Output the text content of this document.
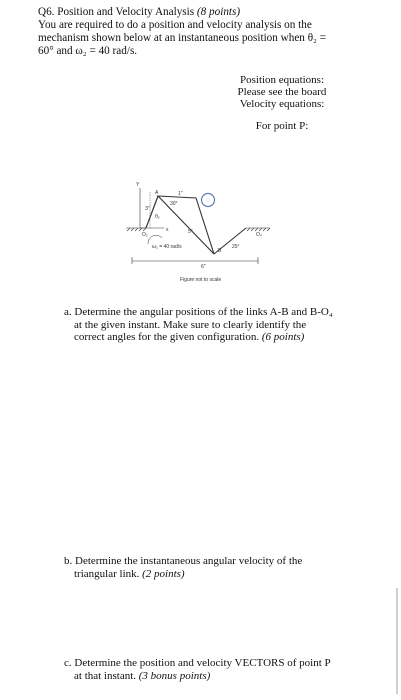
Q6. Position and Velocity Analysis (8 points)
You are required to do a position and velocity analysis on the
mechanism shown below at an instantaneous position when θ₂ =
60° and ω₂ = 40 rad/s.
Position equations:
Please see the board
Velocity equations:
For point P:
Y
A	1"
3"
30°
θ₂
x	5"
O₂
ω₂ = 40 rad/s
B
O₄
25°
6"
Figure not to scale
a. Determine the angular positions of the links A-B and B-O₄
at the given instant. Make sure to clearly identify the
correct angles for the given configuration. (6 points)
b. Determine the instantaneous angular velocity of the
triangular link. (2 points)
c. Determine the position and velocity VECTORS of point P
at that instant. (3 bonus points)
